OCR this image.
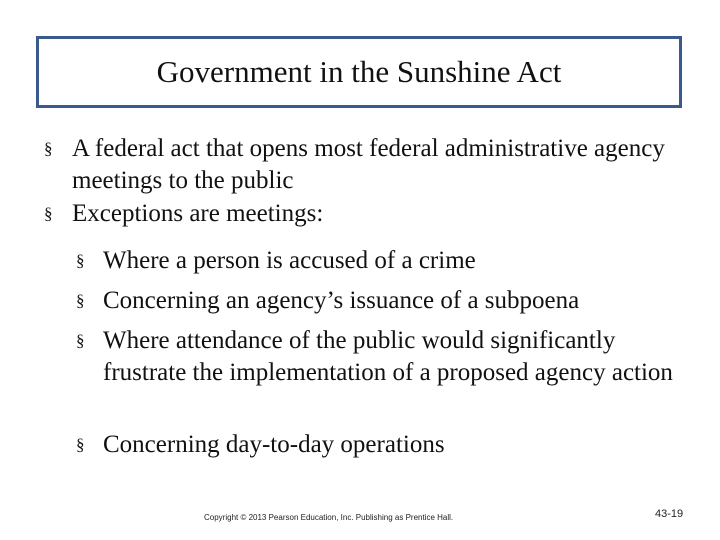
Government in the Sunshine Act
§ A federal act that opens most federal administrative agency meetings to the public
§ Exceptions are meetings:
§ Where a person is accused of a crime
§ Concerning an agency’s issuance of a subpoena
§ Where attendance of the public would significantly frustrate the implementation of a proposed agency action
§ Concerning day-to-day operations
Copyright © 2013 Pearson Education, Inc. Publishing as Prentice Hall.	43-19
